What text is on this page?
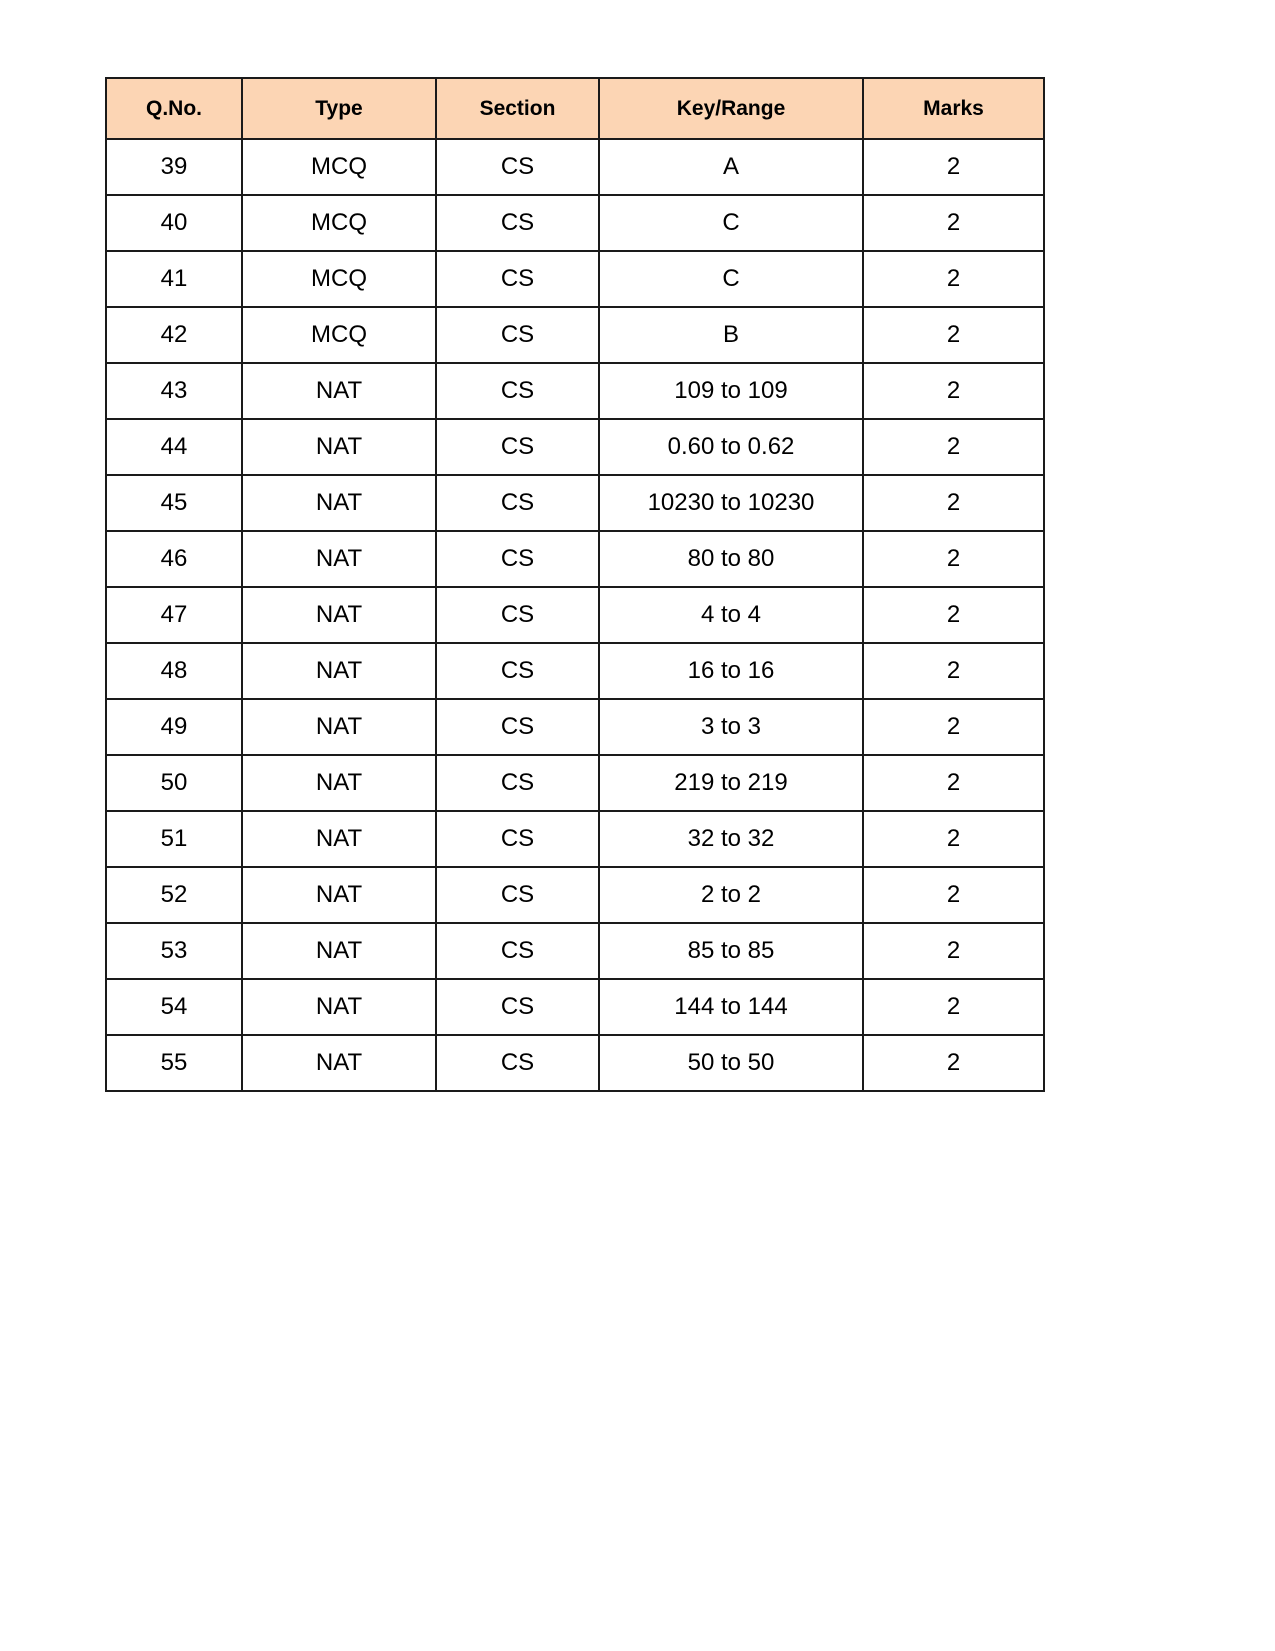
Q.No.	Type	Section	Key/Range	Marks
39	MCQ	CS	A	2
40	MCQ	CS	C	2
41	MCQ	CS	C	2
42	MCQ	CS	B	2
43	NAT	CS	109 to 109	2
44	NAT	CS	0.60 to 0.62	2
45	NAT	CS	10230 to 10230	2
46	NAT	CS	80 to 80	2
47	NAT	CS	4 to 4	2
48	NAT	CS	16 to 16	2
49	NAT	CS	3 to 3	2
50	NAT	CS	219 to 219	2
51	NAT	CS	32 to 32	2
52	NAT	CS	2 to 2	2
53	NAT	CS	85 to 85	2
54	NAT	CS	144 to 144	2
55	NAT	CS	50 to 50	2
